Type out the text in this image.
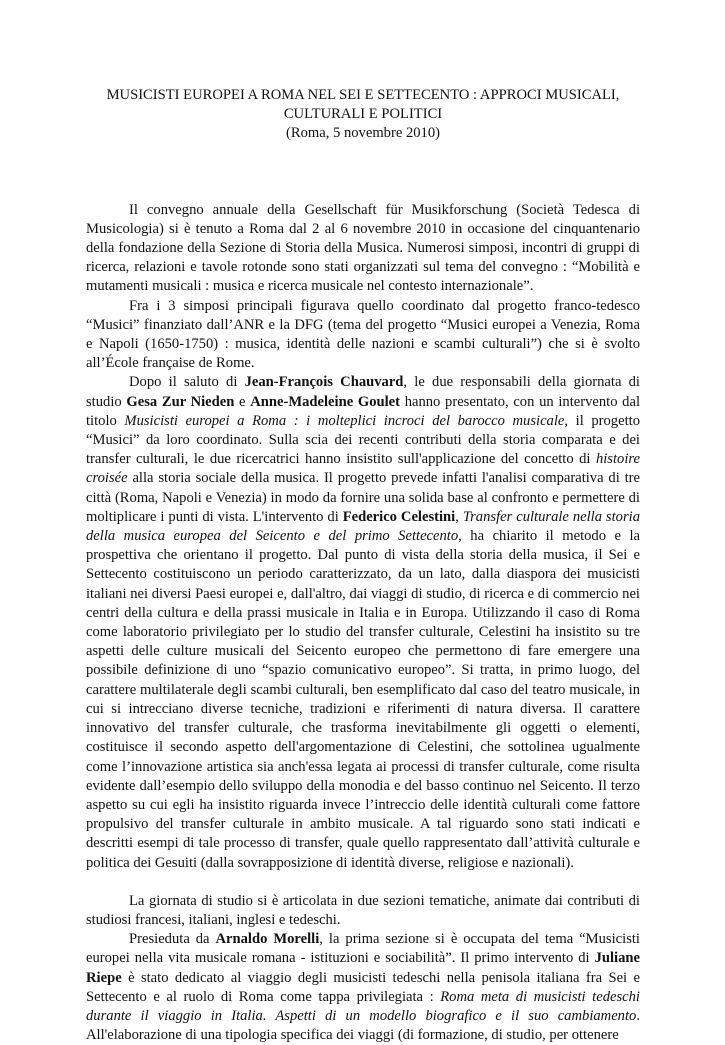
MUSICISTI EUROPEI A ROMA NEL SEI E SETTECENTO : APPROCI MUSICALI,
CULTURALI E POLITICI
(Roma, 5 novembre 2010)

Il convegno annuale della Gesellschaft für Musikforschung (Società Tedesca di Musicologia) si è tenuto a Roma dal 2 al 6 novembre 2010 in occasione del cinquantenario della fondazione della Sezione di Storia della Musica. Numerosi simposi, incontri di gruppi di ricerca, relazioni e tavole rotonde sono stati organizzati sul tema del convegno : “Mobilità e mutamenti musicali : musica e ricerca musicale nel contesto internazionale”.

Fra i 3 simposi principali figurava quello coordinato dal progetto franco-tedesco “Musici” finanziato dall’ANR e la DFG (tema del progetto “Musici europei a Venezia, Roma e Napoli (1650-1750) : musica, identità delle nazioni e scambi culturali”) che si è svolto all’École française de Rome.

Dopo il saluto di Jean-François Chauvard, le due responsabili della giornata di studio Gesa Zur Nieden e Anne-Madeleine Goulet hanno presentato, con un intervento dal titolo Musicisti europei a Roma : i molteplici incroci del barocco musicale, il progetto “Musici” da loro coordinato. Sulla scia dei recenti contributi della storia comparata e dei transfer culturali, le due ricercatrici hanno insistito sull'applicazione del concetto di histoire croisée alla storia sociale della musica. Il progetto prevede infatti l'analisi comparativa di tre città (Roma, Napoli e Venezia) in modo da fornire una solida base al confronto e permettere di moltiplicare i punti di vista. L'intervento di Federico Celestini, Transfer culturale nella storia della musica europea del Seicento e del primo Settecento, ha chiarito il metodo e la prospettiva che orientano il progetto. Dal punto di vista della storia della musica, il Sei e Settecento costituiscono un periodo caratterizzato, da un lato, dalla diaspora dei musicisti italiani nei diversi Paesi europei e, dall'altro, dai viaggi di studio, di ricerca e di commercio nei centri della cultura e della prassi musicale in Italia e in Europa. Utilizzando il caso di Roma come laboratorio privilegiato per lo studio del transfer culturale, Celestini ha insistito su tre aspetti delle culture musicali del Seicento europeo che permettono di fare emergere una possibile definizione di uno “spazio comunicativo europeo”. Si tratta, in primo luogo, del carattere multilaterale degli scambi culturali, ben esemplificato dal caso del teatro musicale, in cui si intrecciano diverse tecniche, tradizioni e riferimenti di natura diversa. Il carattere innovativo del transfer culturale, che trasforma inevitabilmente gli oggetti o elementi, costituisce il secondo aspetto dell'argomentazione di Celestini, che sottolinea ugualmente come l’innovazione artistica sia anch'essa legata ai processi di transfer culturale, come risulta evidente dall’esempio dello sviluppo della monodia e del basso continuo nel Seicento. Il terzo aspetto su cui egli ha insistito riguarda invece l’intreccio delle identità culturali come fattore propulsivo del transfer culturale in ambito musicale. A tal riguardo sono stati indicati e descritti esempi di tale processo di transfer, quale quello rappresentato dall’attività culturale e politica dei Gesuiti (dalla sovrapposizione di identità diverse, religiose e nazionali).

La giornata di studio si è articolata in due sezioni tematiche, animate dai contributi di studiosi francesi, italiani, inglesi e tedeschi.

Presieduta da Arnaldo Morelli, la prima sezione si è occupata del tema “Musicisti europei nella vita musicale romana - istituzioni e sociabilità”. Il primo intervento di Juliane Riepe è stato dedicato al viaggio degli musicisti tedeschi nella penisola italiana fra Sei e Settecento e al ruolo di Roma come tappa privilegiata : Roma meta di musicisti tedeschi durante il viaggio in Italia. Aspetti di un modello biografico e il suo cambiamento. All'elaborazione di una tipologia specifica dei viaggi (di formazione, di studio, per ottenere
